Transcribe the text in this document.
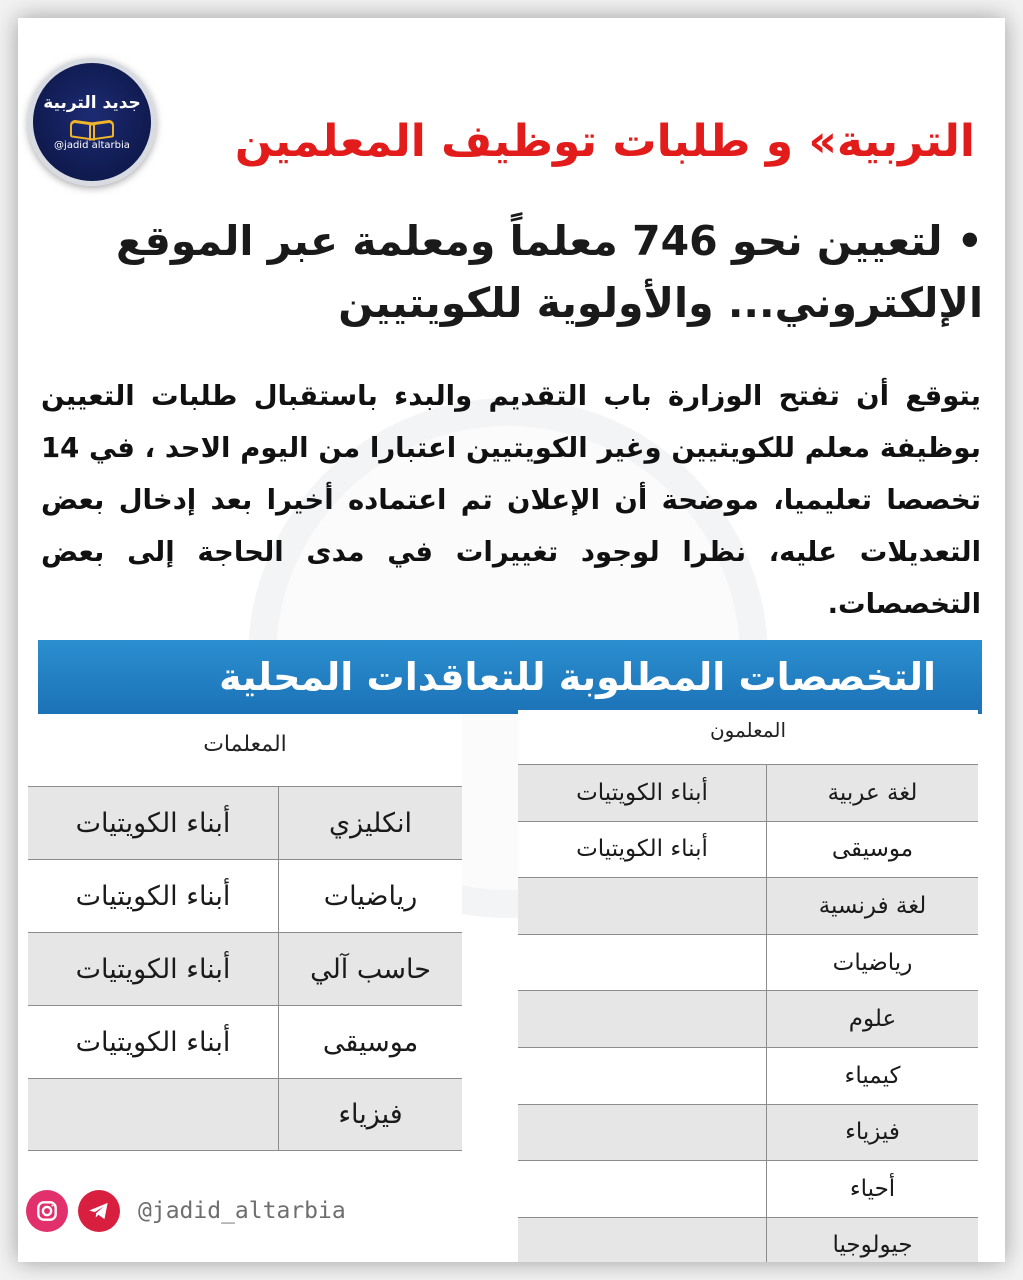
جديد التربية
@jadid altarbia	التربية» و طلبات توظيف المعلمين
• لتعيين نحو 746 معلماً ومعلمة عبر الموقع الإلكتروني... والأولوية للكويتيين
يتوقع أن تفتح الوزارة باب التقديم والبدء باستقبال طلبات التعيين بوظيفة معلم للكويتيين وغير الكويتيين اعتبارا من اليوم الاحد ، في 14 تخصصا تعليميا، موضحة أن الإعلان تم اعتماده أخيرا بعد إدخال بعض التعديلات عليه، نظرا لوجود تغييرات في مدى الحاجة إلى بعض التخصصات.
التخصصات المطلوبة للتعاقدات المحلية
المعلمون
لغة عربية
أبناء الكويتيات
موسيقى
أبناء الكويتيات
لغة فرنسية
رياضيات
علوم
كيمياء
فيزياء
أحياء
جيولوجيا
المعلمات
انكليزي
أبناء الكويتيات
رياضيات
أبناء الكويتيات
حاسب آلي
أبناء الكويتيات
موسيقى
أبناء الكويتيات
فيزياء
@jadid_altarbia
